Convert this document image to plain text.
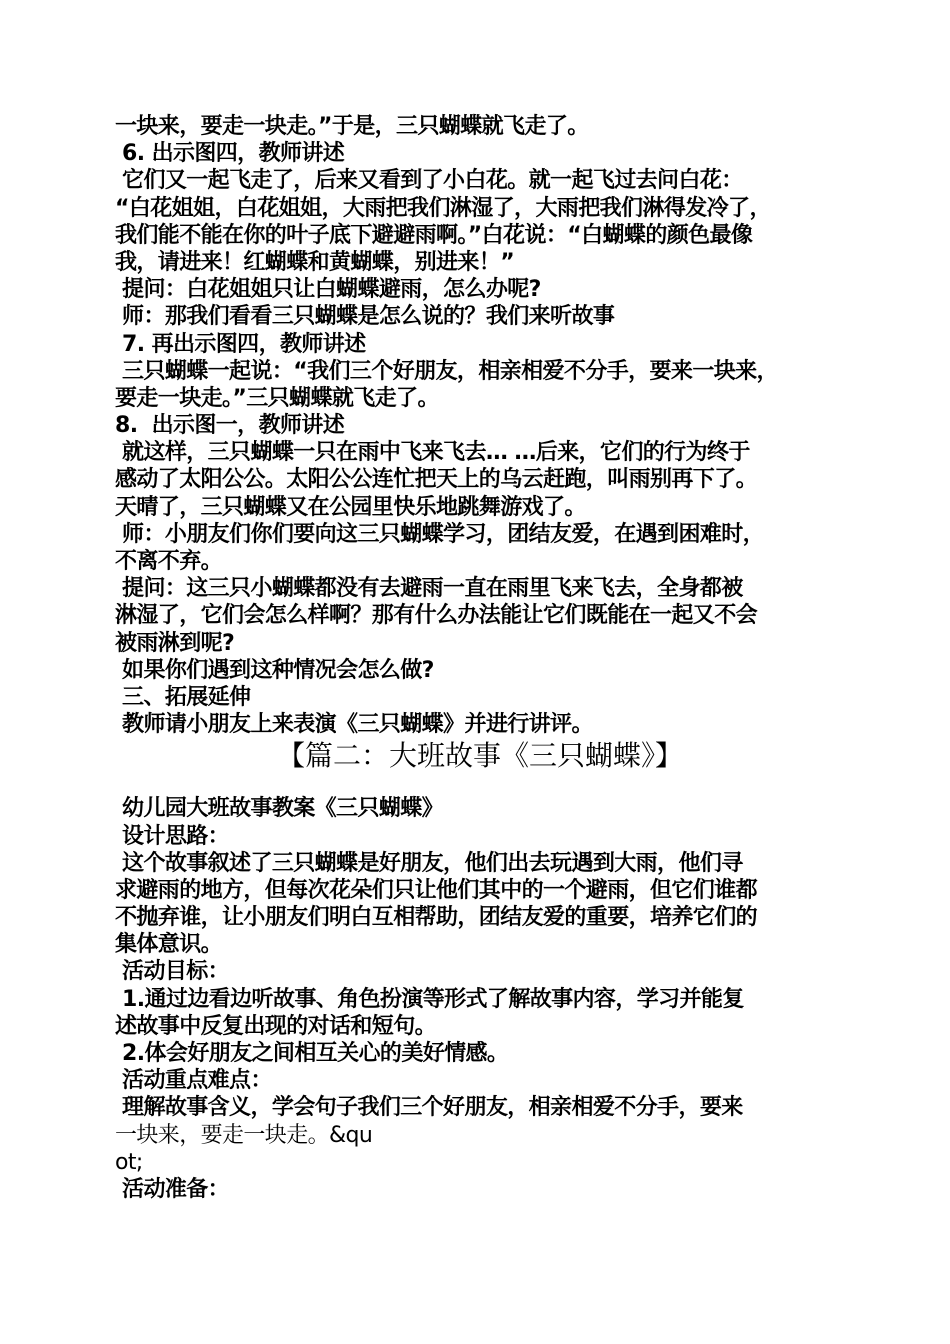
一块来，要走一块走。”于是，三只蝴蝶就飞走了。
6. 出示图四，教师讲述
它们又一起飞走了，后来又看到了小白花。就一起飞过去问白花：
“白花姐姐，白花姐姐，大雨把我们淋湿了，大雨把我们淋得发冷了，
我们能不能在你的叶子底下避避雨啊。”白花说：“白蝴蝶的颜色最像
我，请进来！红蝴蝶和黄蝴蝶，别进来！”
提问：白花姐姐只让白蝴蝶避雨，怎么办呢?
师：那我们看看三只蝴蝶是怎么说的？我们来听故事
7. 再出示图四，教师讲述
三只蝴蝶一起说：“我们三个好朋友，相亲相爱不分手，要来一块来，
要走一块走。”三只蝴蝶就飞走了。
8.  出示图一，教师讲述
就这样，三只蝴蝶一只在雨中飞来飞去… …后来，它们的行为终于
感动了太阳公公。太阳公公连忙把天上的乌云赶跑，叫雨别再下了。
天晴了，三只蝴蝶又在公园里快乐地跳舞游戏了。
师：小朋友们你们要向这三只蝴蝶学习，团结友爱，在遇到困难时，
不离不弃。
提问：这三只小蝴蝶都没有去避雨一直在雨里飞来飞去，全身都被
淋湿了，它们会怎么样啊？那有什么办法能让它们既能在一起又不会
被雨淋到呢?
如果你们遇到这种情况会怎么做?
三、拓展延伸
教师请小朋友上来表演《三只蝴蝶》并进行讲评。
【篇二：大班故事《三只蝴蝶》】
幼儿园大班故事教案《三只蝴蝶》
设计思路：
这个故事叙述了三只蝴蝶是好朋友，他们出去玩遇到大雨，他们寻
求避雨的地方，但每次花朵们只让他们其中的一个避雨，但它们谁都
不抛弃谁，让小朋友们明白互相帮助，团结友爱的重要，培养它们的
集体意识。
活动目标：
1.通过边看边听故事、角色扮演等形式了解故事内容，学习并能复
述故事中反复出现的对话和短句。
2.体会好朋友之间相互关心的美好情感。
活动重点难点：
理解故事含义，学会句子我们三个好朋友，相亲相爱不分手，要来
一块来，要走一块走。&qu
ot;
活动准备：
